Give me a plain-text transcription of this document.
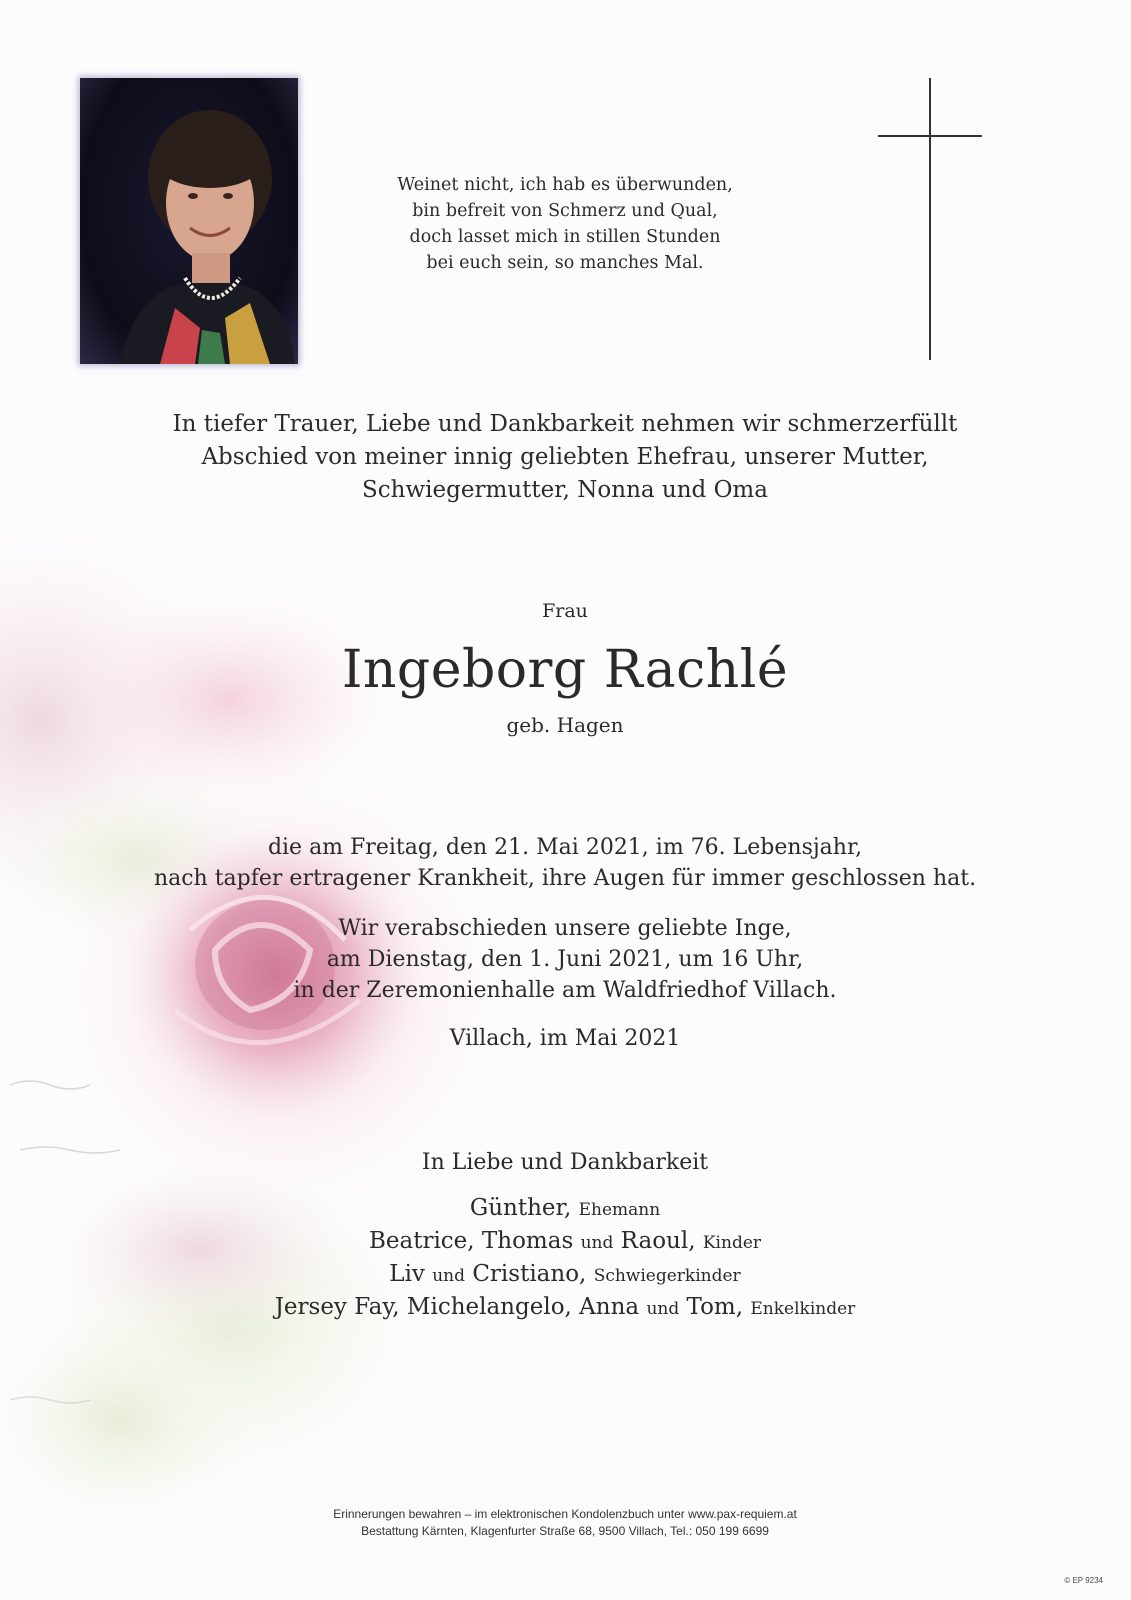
Weinet nicht, ich hab es überwunden,
bin befreit von Schmerz und Qual,
doch lasset mich in stillen Stunden
bei euch sein, so manches Mal.
In tiefer Trauer, Liebe und Dankbarkeit nehmen wir schmerzerfüllt
Abschied von meiner innig geliebten Ehefrau, unserer Mutter,
Schwiegermutter, Nonna und Oma
Frau
Ingeborg Rachlé
geb. Hagen
die am Freitag, den 21. Mai 2021, im 76. Lebensjahr,
nach tapfer ertragener Krankheit, ihre Augen für immer geschlossen hat.
Wir verabschieden unsere geliebte Inge,
am Dienstag, den 1. Juni 2021, um 16 Uhr,
in der Zeremonienhalle am Waldfriedhof Villach.
Villach, im Mai 2021
In Liebe und Dankbarkeit
Günther, Ehemann
Beatrice, Thomas und Raoul, Kinder
Liv und Cristiano, Schwiegerkinder
Jersey Fay, Michelangelo, Anna und Tom, Enkelkinder
Erinnerungen bewahren – im elektronischen Kondolenzbuch unter www.pax-requiem.at
Bestattung Kärnten, Klagenfurter Straße 68, 9500 Villach, Tel.: 050 199 6699
© EP 9234
